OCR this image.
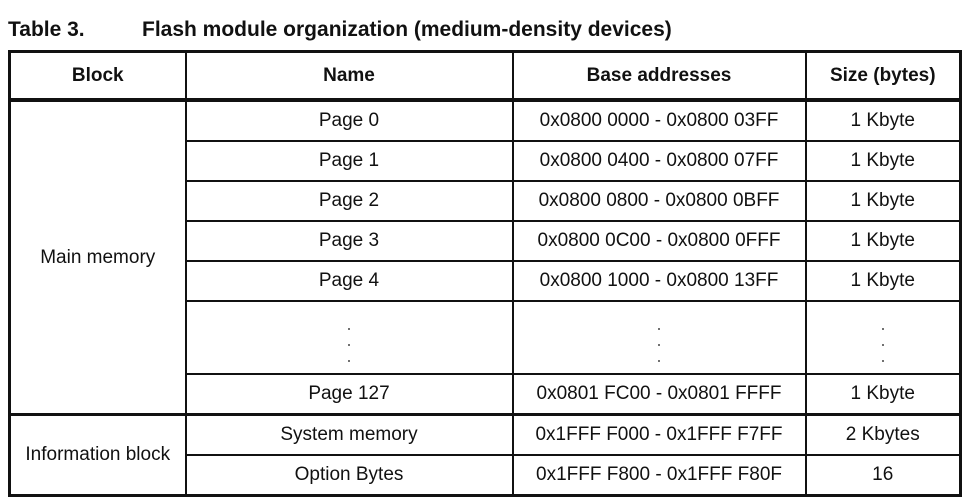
Table 3.	Flash module organization (medium-density devices)
Block	Name	Base addresses	Size (bytes)
Main memory	Page 0	0x0800 0000 - 0x0800 03FF	1 Kbyte
	Page 1	0x0800 0400 - 0x0800 07FF	1 Kbyte
	Page 2	0x0800 0800 - 0x0800 0BFF	1 Kbyte
	Page 3	0x0800 0C00 - 0x0800 0FFF	1 Kbyte
	Page 4	0x0800 1000 - 0x0800 13FF	1 Kbyte

	Page 127	0x0801 FC00 - 0x0801 FFFF	1 Kbyte
Information block	System memory	0x1FFF F000 - 0x1FFF F7FF	2 Kbytes
	Option Bytes	0x1FFF F800 - 0x1FFF F80F	16
